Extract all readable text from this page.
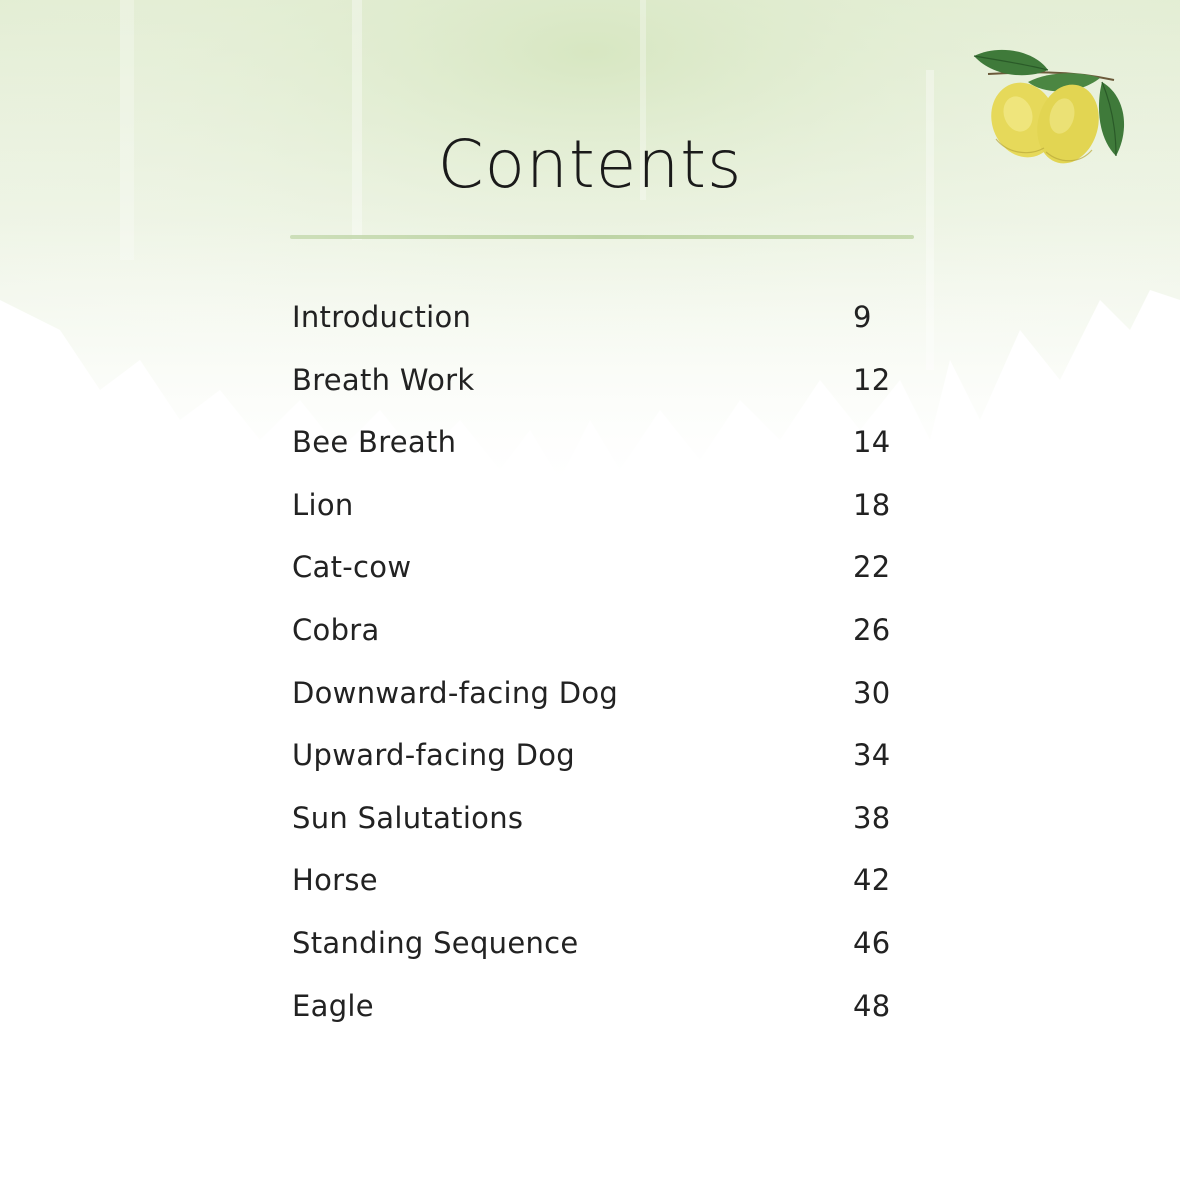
Contents
Introduction	9
Breath Work	12
Bee Breath	14
Lion	18
Cat-cow	22
Cobra	26
Downward-facing Dog	30
Upward-facing Dog	34
Sun Salutations	38
Horse	42
Standing Sequence	46
Eagle	48
